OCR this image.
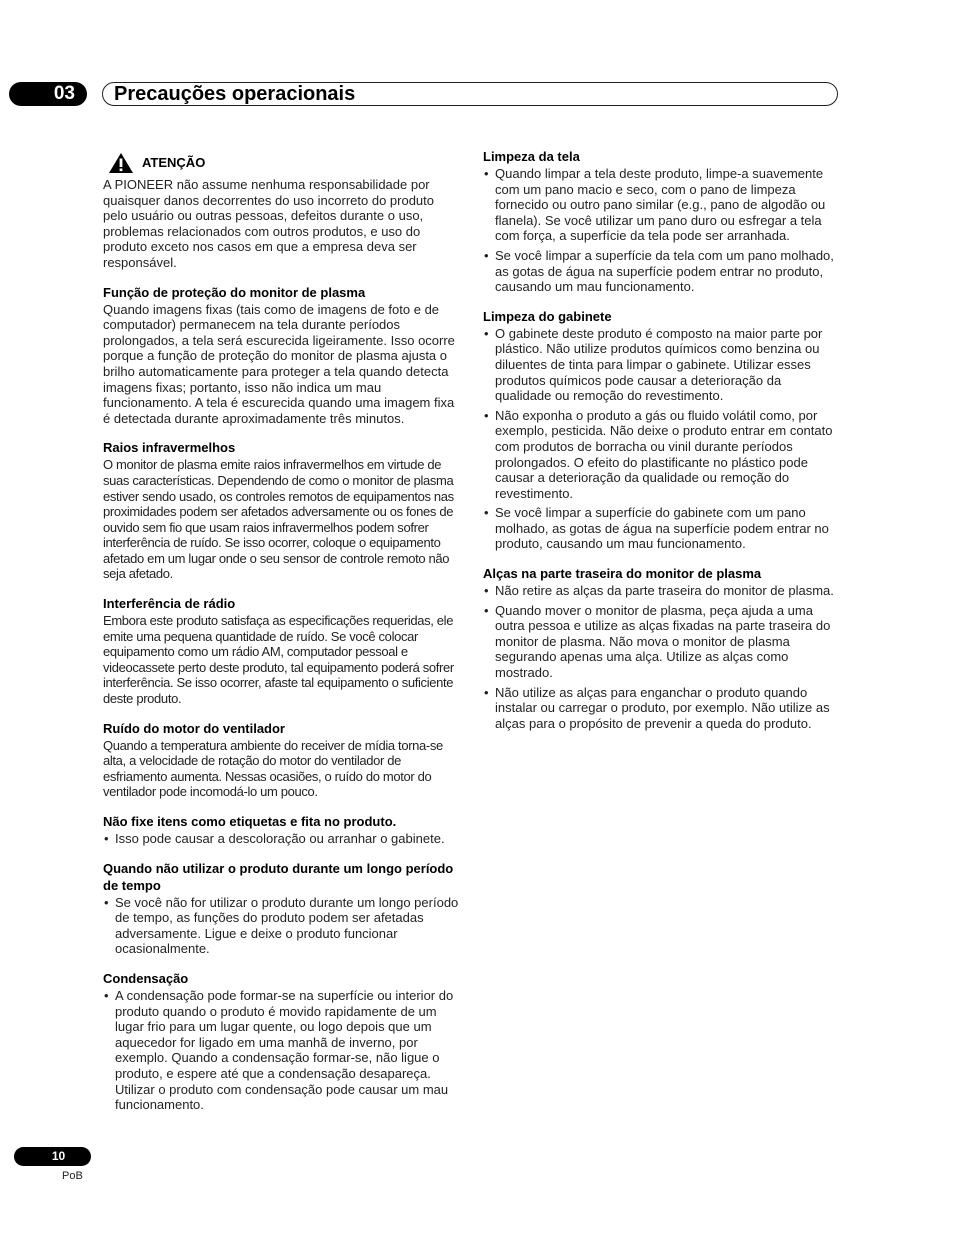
03	Precauções operacionais
ATENÇÃO

A PIONEER não assume nenhuma responsabilidade por quaisquer danos decorrentes do uso incorreto do produto pelo usuário ou outras pessoas, defeitos durante o uso, problemas relacionados com outros produtos, e uso do produto exceto nos casos em que a empresa deva ser responsável.

Função de proteção do monitor de plasma

Quando imagens fixas (tais como de imagens de foto e de computador) permanecem na tela durante períodos prolongados, a tela será escurecida ligeiramente. Isso ocorre porque a função de proteção do monitor de plasma ajusta o brilho automaticamente para proteger a tela quando detecta imagens fixas; portanto, isso não indica um mau funcionamento. A tela é escurecida quando uma imagem fixa é detectada durante aproximadamente três minutos.

Raios infravermelhos

O monitor de plasma emite raios infravermelhos em virtude de suas características. Dependendo de como o monitor de plasma estiver sendo usado, os controles remotos de equipamentos nas proximidades podem ser afetados adversamente ou os fones de ouvido sem fio que usam raios infravermelhos podem sofrer interferência de ruído. Se isso ocorrer, coloque o equipamento afetado em um lugar onde o seu sensor de controle remoto não seja afetado.

Interferência de rádio

Embora este produto satisfaça as especificações requeridas, ele emite uma pequena quantidade de ruído. Se você colocar equipamento como um rádio AM, computador pessoal e videocassete perto deste produto, tal equipamento poderá sofrer interferência. Se isso ocorrer, afaste tal equipamento o suficiente deste produto.

Ruído do motor do ventilador

Quando a temperatura ambiente do receiver de mídia torna-se alta, a velocidade de rotação do motor do ventilador de esfriamento aumenta. Nessas ocasiões, o ruído do motor do ventilador pode incomodá-lo um pouco.

Não fixe itens como etiquetas e fita no produto.
• Isso pode causar a descoloração ou arranhar o gabinete.
Quando não utilizar o produto durante um longo período de tempo
• Se você não for utilizar o produto durante um longo período de tempo, as funções do produto podem ser afetadas adversamente. Ligue e deixe o produto funcionar ocasionalmente.
Condensação
• A condensação pode formar-se na superfície ou interior do produto quando o produto é movido rapidamente de um lugar frio para um lugar quente, ou logo depois que um aquecedor for ligado em uma manhã de inverno, por exemplo. Quando a condensação formar-se, não ligue o produto, e espere até que a condensação desapareça. Utilizar o produto com condensação pode causar um mau funcionamento.
Limpeza da tela
• Quando limpar a tela deste produto, limpe-a suavemente com um pano macio e seco, com o pano de limpeza fornecido ou outro pano similar (e.g., pano de algodão ou flanela). Se você utilizar um pano duro ou esfregar a tela com força, a superfície da tela pode ser arranhada.
• Se você limpar a superfície da tela com um pano molhado, as gotas de água na superfície podem entrar no produto, causando um mau funcionamento.
Limpeza do gabinete
• O gabinete deste produto é composto na maior parte por plástico. Não utilize produtos químicos como benzina ou diluentes de tinta para limpar o gabinete. Utilizar esses produtos químicos pode causar a deterioração da qualidade ou remoção do revestimento.
• Não exponha o produto a gás ou fluido volátil como, por exemplo, pesticida. Não deixe o produto entrar em contato com produtos de borracha ou vinil durante períodos prolongados. O efeito do plastificante no plástico pode causar a deterioração da qualidade ou remoção do revestimento.
• Se você limpar a superfície do gabinete com um pano molhado, as gotas de água na superfície podem entrar no produto, causando um mau funcionamento.
Alças na parte traseira do monitor de plasma
• Não retire as alças da parte traseira do monitor de plasma.
• Quando mover o monitor de plasma, peça ajuda a uma outra pessoa e utilize as alças fixadas na parte traseira do monitor de plasma. Não mova o monitor de plasma segurando apenas uma alça. Utilize as alças como mostrado.
• Não utilize as alças para enganchar o produto quando instalar ou carregar o produto, por exemplo. Não utilize as alças para o propósito de prevenir a queda do produto.
10
PoB
